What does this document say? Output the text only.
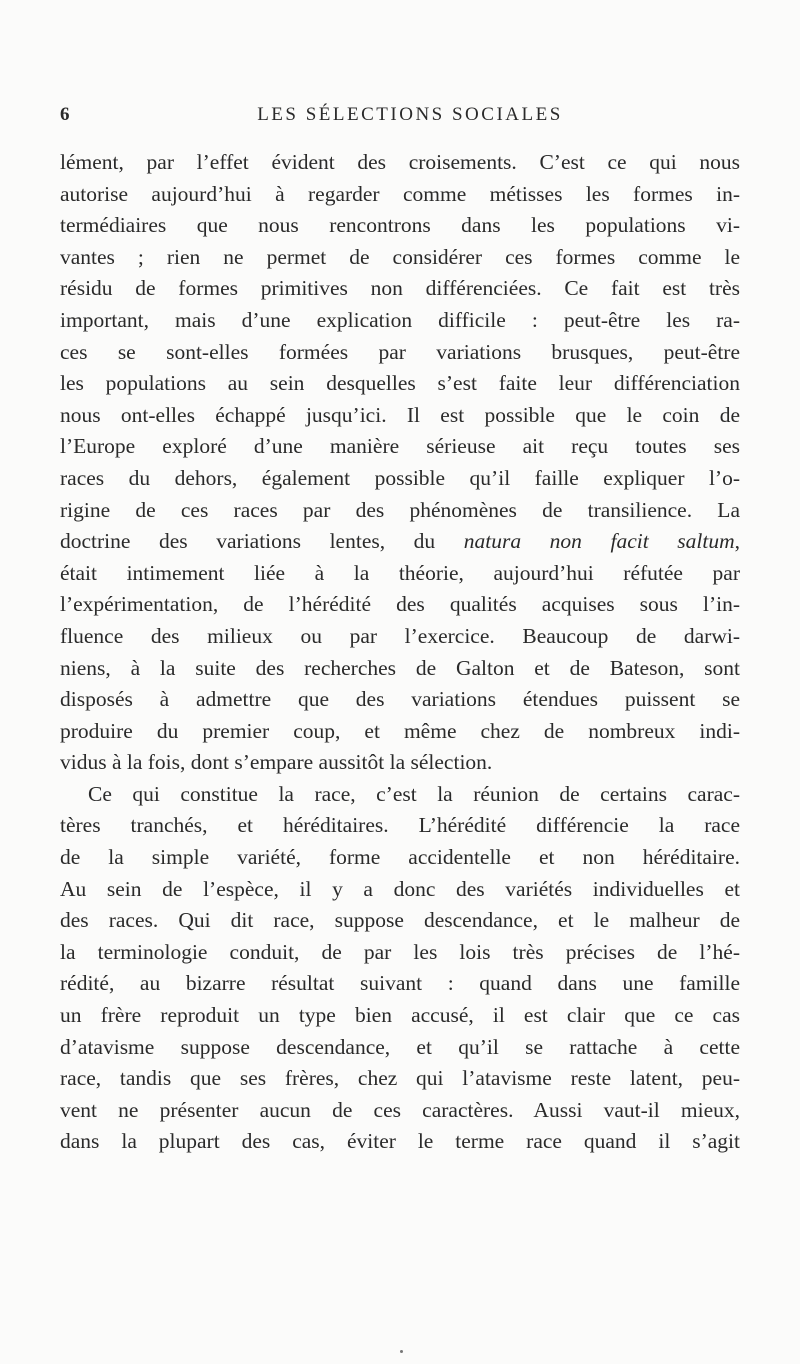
6	LES SÉLECTIONS SOCIALES
lément, par l’effet évident des croisements. C’est ce qui nous
autorise aujourd’hui à regarder comme métisses les formes in-
termédiaires que nous rencontrons dans les populations vi-
vantes ; rien ne permet de considérer ces formes comme le
résidu de formes primitives non différenciées. Ce fait est très
important, mais d’une explication difficile : peut-être les ra-
ces se sont-elles formées par variations brusques, peut-être
les populations au sein desquelles s’est faite leur différenciation
nous ont-elles échappé jusqu’ici. Il est possible que le coin de
l’Europe exploré d’une manière sérieuse ait reçu toutes ses
races du dehors, également possible qu’il faille expliquer l’o-
rigine de ces races par des phénomènes de transilience. La
doctrine des variations lentes, du natura non facit saltum,
était intimement liée à la théorie, aujourd’hui réfutée par
l’expérimentation, de l’hérédité des qualités acquises sous l’in-
fluence des milieux ou par l’exercice. Beaucoup de darwi-
niens, à la suite des recherches de Galton et de Bateson, sont
disposés à admettre que des variations étendues puissent se
produire du premier coup, et même chez de nombreux indi-
vidus à la fois, dont s’empare aussitôt la sélection.
Ce qui constitue la race, c’est la réunion de certains carac-
tères tranchés, et héréditaires. L’hérédité différencie la race
de la simple variété, forme accidentelle et non héréditaire.
Au sein de l’espèce, il y a donc des variétés individuelles et
des races. Qui dit race, suppose descendance, et le malheur de
la terminologie conduit, de par les lois très précises de l’hé-
rédité, au bizarre résultat suivant : quand dans une famille
un frère reproduit un type bien accusé, il est clair que ce cas
d’atavisme suppose descendance, et qu’il se rattache à cette
race, tandis que ses frères, chez qui l’atavisme reste latent, peu-
vent ne présenter aucun de ces caractères. Aussi vaut-il mieux,
dans la plupart des cas, éviter le terme race quand il s’agit
